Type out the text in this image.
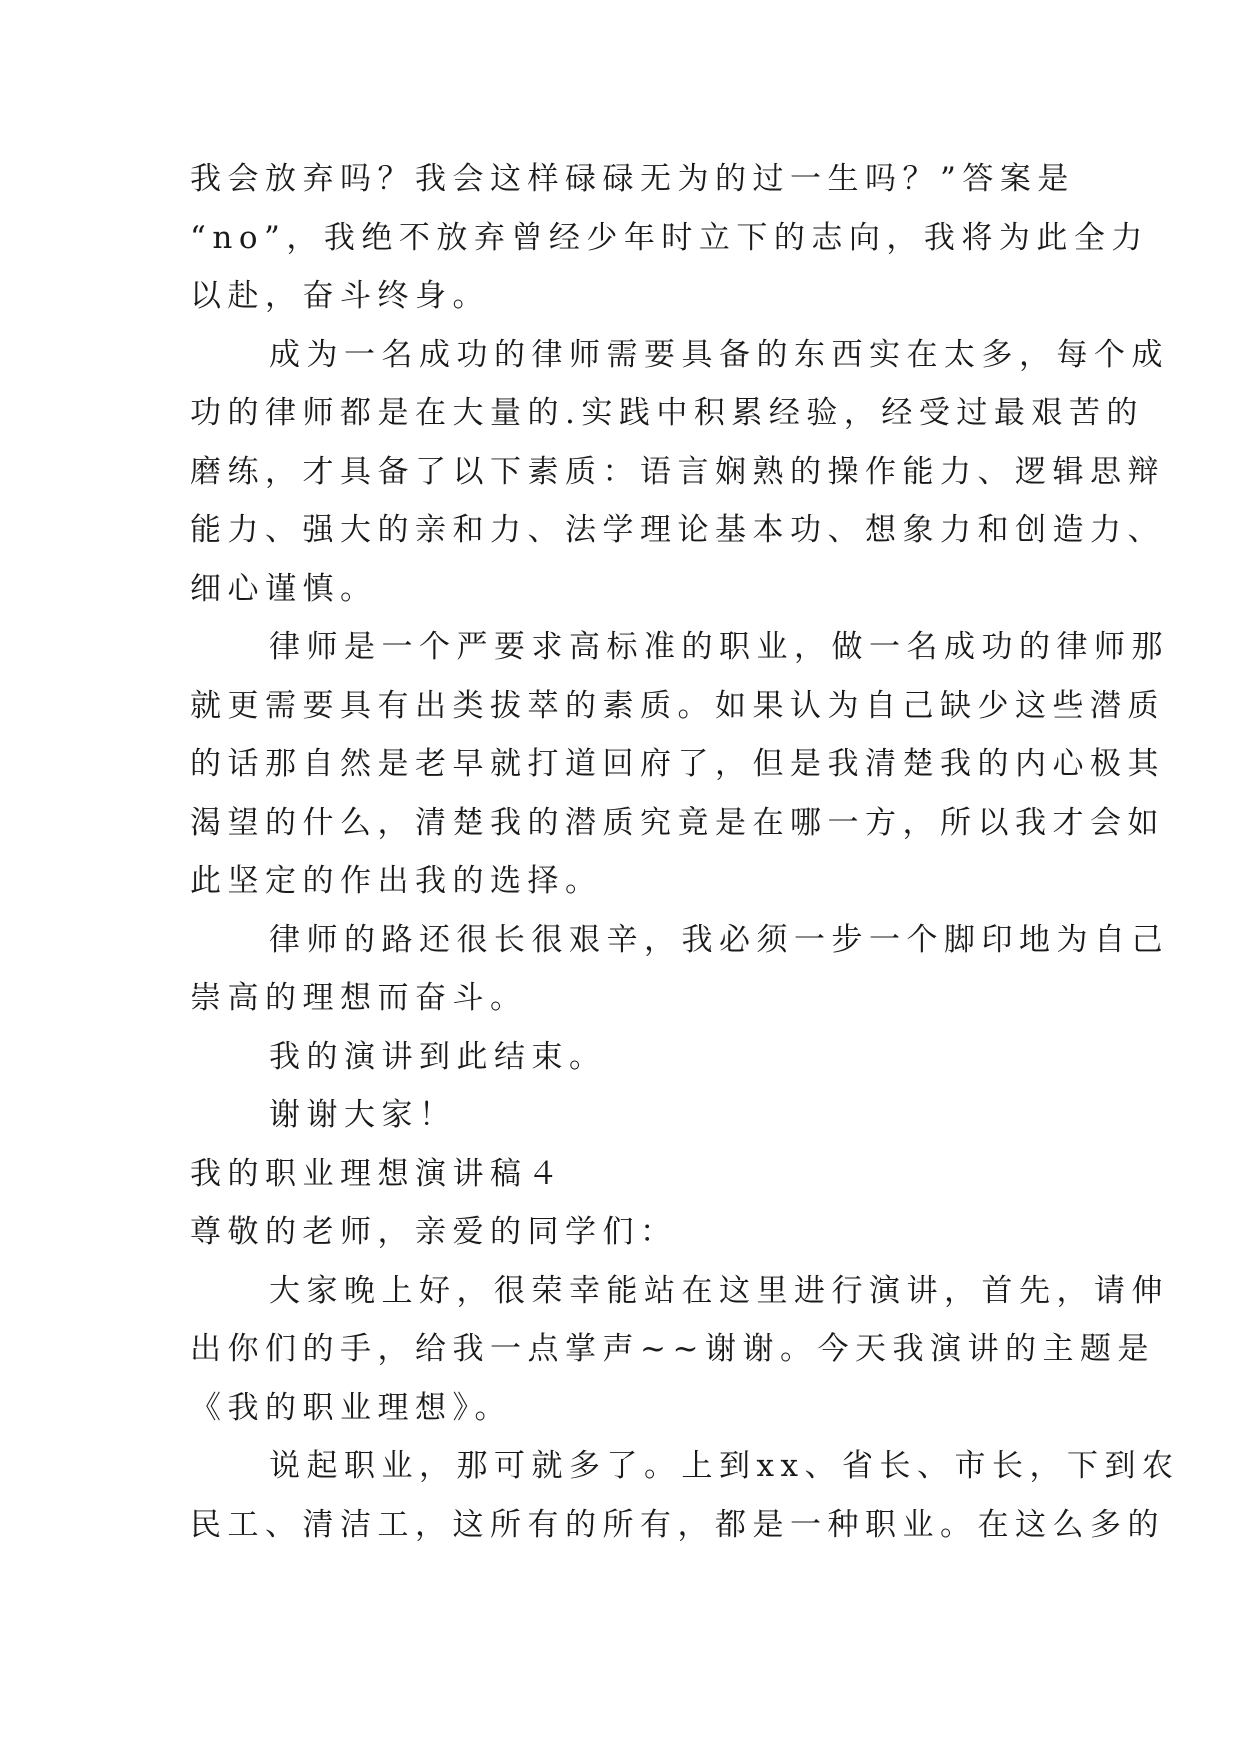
我会放弃吗？我会这样碌碌无为的过一生吗？”答案是
“no”，我绝不放弃曾经少年时立下的志向，我将为此全力
以赴，奋斗终身。

成为一名成功的律师需要具备的东西实在太多，每个成
功的律师都是在大量的.实践中积累经验，经受过最艰苦的
磨练，才具备了以下素质：语言娴熟的操作能力、逻辑思辩
能力、强大的亲和力、法学理论基本功、想象力和创造力、
细心谨慎。

律师是一个严要求高标准的职业，做一名成功的律师那
就更需要具有出类拔萃的素质。如果认为自己缺少这些潜质
的话那自然是老早就打道回府了，但是我清楚我的内心极其
渴望的什么，清楚我的潜质究竟是在哪一方，所以我才会如
此坚定的作出我的选择。

律师的路还很长很艰辛，我必须一步一个脚印地为自己
崇高的理想而奋斗。

我的演讲到此结束。

谢谢大家！

我的职业理想演讲稿４

尊敬的老师，亲爱的同学们：

大家晚上好，很荣幸能站在这里进行演讲，首先，请伸
出你们的手，给我一点掌声~~谢谢。今天我演讲的主题是
《我的职业理想》。

说起职业，那可就多了。上到xx、省长、市长，下到农
民工、清洁工，这所有的所有，都是一种职业。在这么多的
